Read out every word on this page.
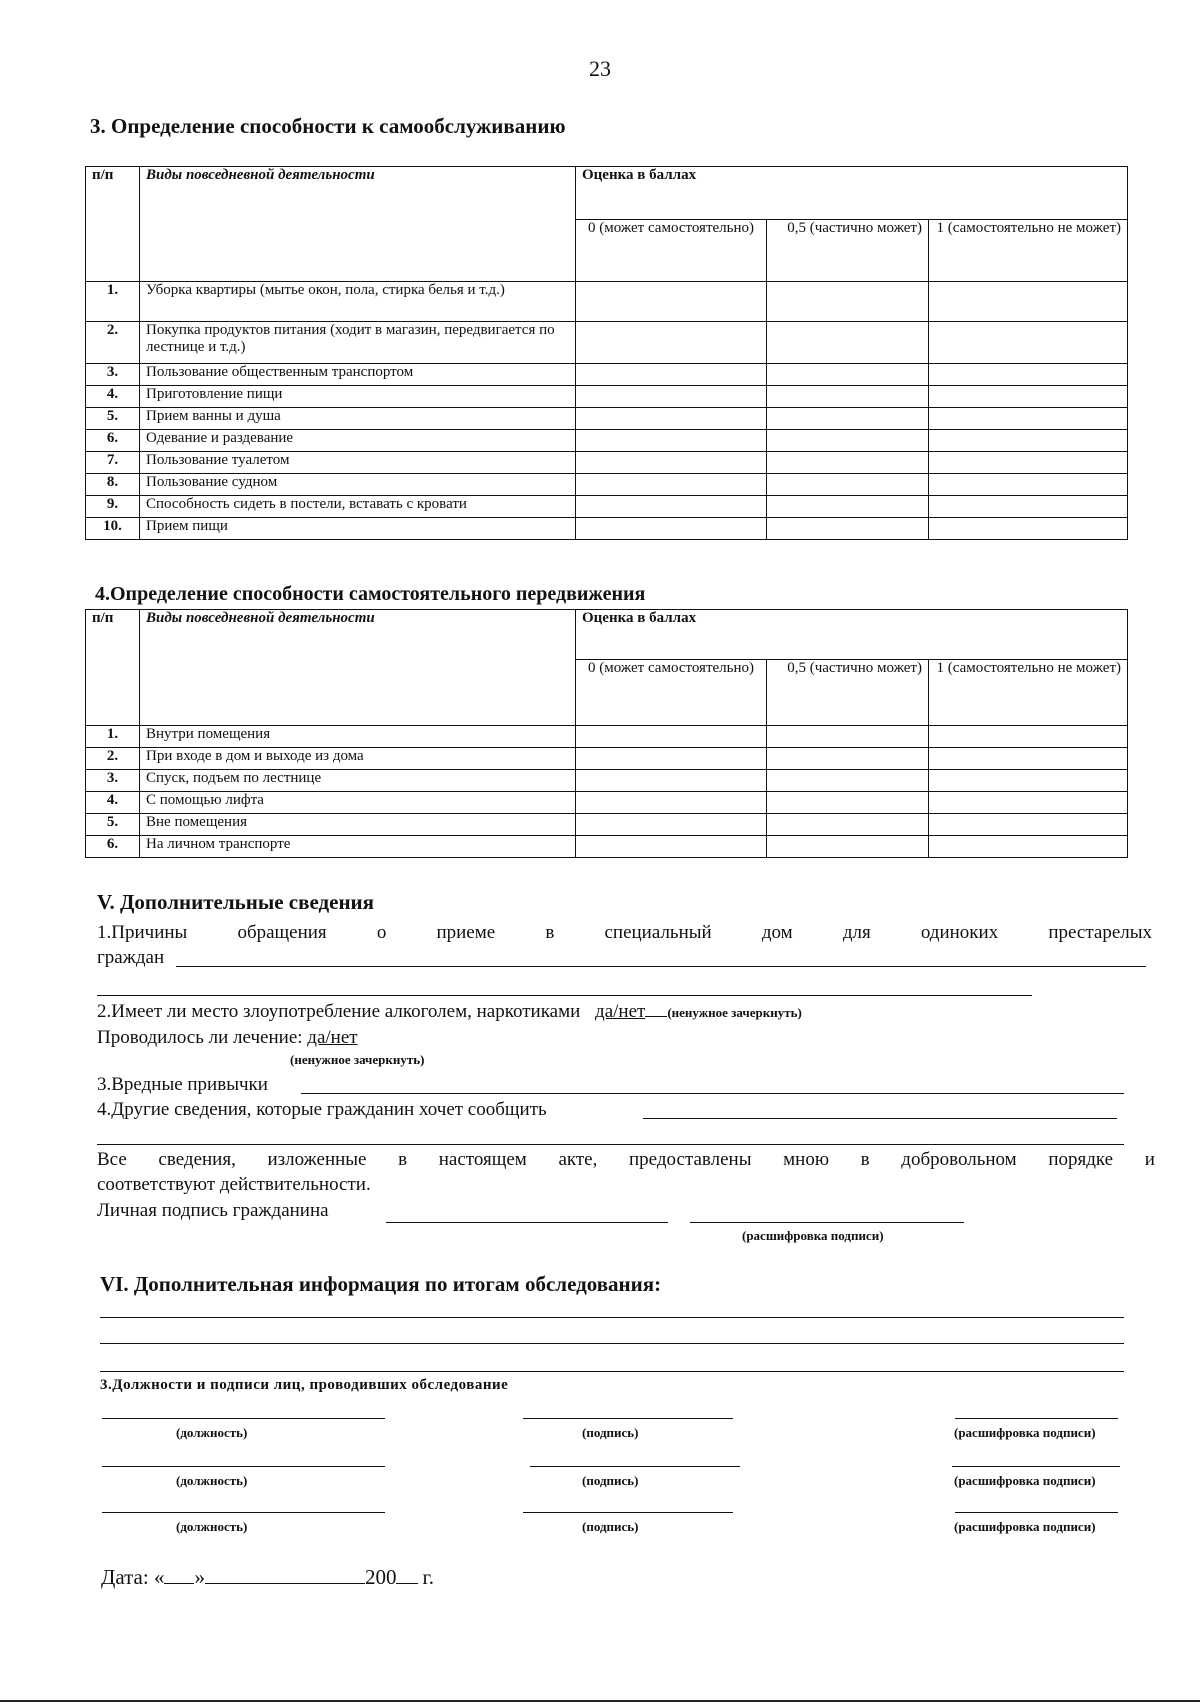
23
3. Определение способности к самообслуживанию
п/п	Виды повседневной деятельности	Оценка в баллах		
		0 (может самостоятельно)	0,5 (частично может)	1 (самостоятельно не может)
1.	Уборка квартиры (мытье окон, пола, стирка белья и т.д.)			
2.	Покупка продуктов питания (ходит в магазин, передвигается по лестнице и т.д.)			
3.	Пользование общественным транспортом			
4.	Приготовление пищи			
5.	Прием ванны и душа			
6.	Одевание и раздевание			
7.	Пользование туалетом			
8.	Пользование судном			
9.	Способность сидеть в постели, вставать с кровати			
10.	Прием пищи			
4.Определение способности самостоятельного передвижения
п/п	Виды повседневной деятельности	Оценка в баллах		
		0 (может самостоятельно)	0,5 (частично может)	1 (самостоятельно не может)
1.	Внутри помещения			
2.	При входе в дом и выходе из дома			
3.	Спуск, подъем по лестнице			
4.	С помощью лифта			
5.	Вне помещения			
6.	На личном транспорте			
V. Дополнительные сведения
1.Причины	обращения	о	приеме	в	специальный	дом	для	одиноких	престарелых
граждан
2.Имеет ли место злоупотребление алкоголем, наркотиками да/нет (ненужное зачеркнуть)
Проводилось ли лечение: да/нет
(ненужное зачеркнуть)
3.Вредные привычки
4.Другие сведения, которые гражданин хочет сообщить
Все сведения, изложенные в настоящем акте, предоставлены мною в добровольном порядке и
соответствуют действительности.
Личная подпись гражданина
(расшифровка подписи)
VI. Дополнительная информация по итогам обследования:
3.Должности и подписи лиц, проводивших обследование
(должность)	(подпись)	(расшифровка подписи)
(должность)	(подпись)	(расшифровка подписи)
(должность)	(подпись)	(расшифровка подписи)
Дата: « »	200 г.
